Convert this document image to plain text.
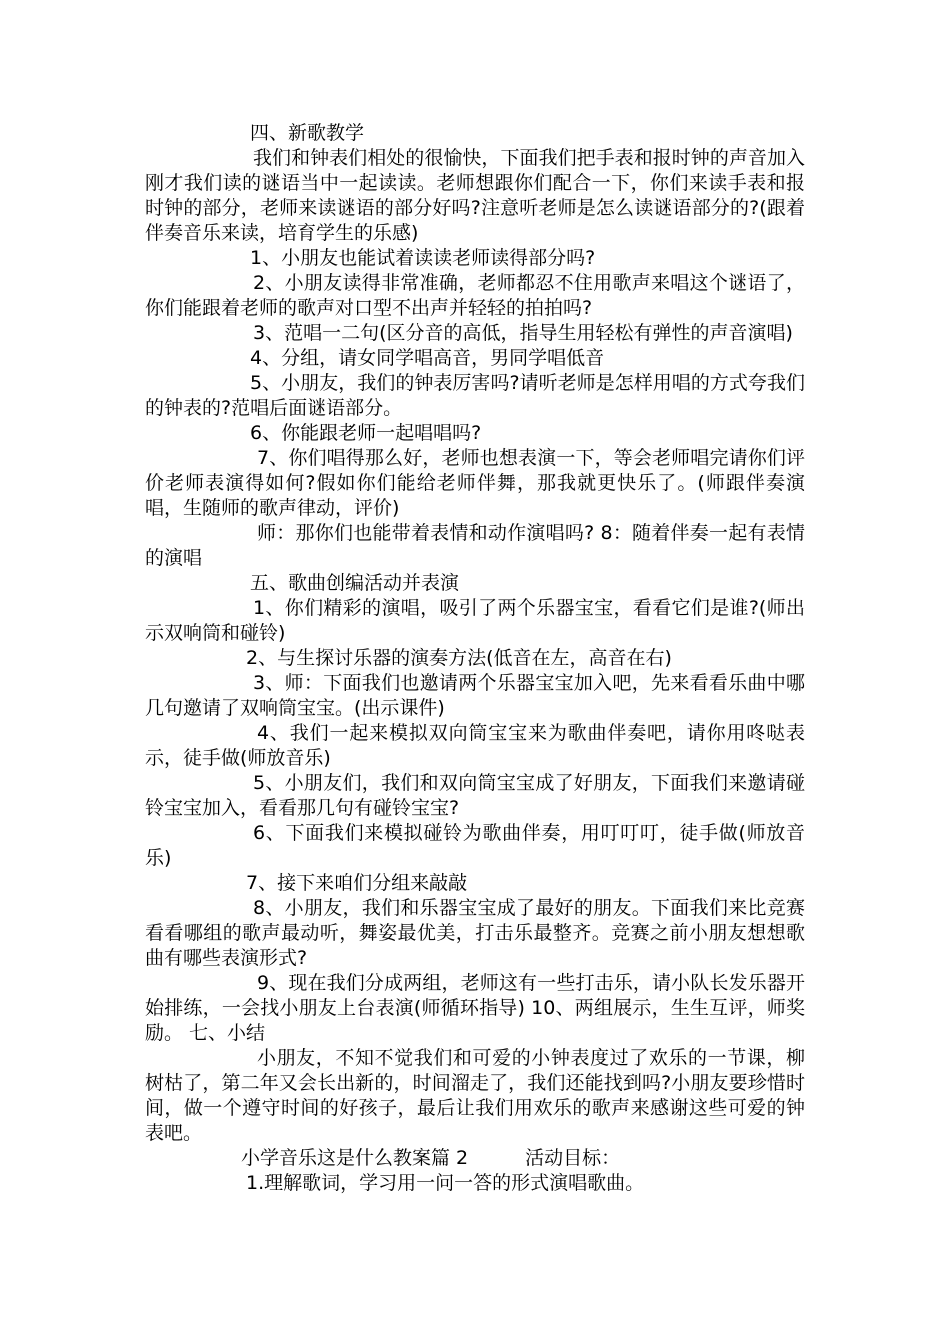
四、新歌教学

我们和钟表们相处的很愉快，下面我们把手表和报时钟的声音加入刚才我们读的谜语当中一起读读。老师想跟你们配合一下，你们来读手表和报时钟的部分，老师来读谜语的部分好吗?注意听老师是怎么读谜语部分的?(跟着伴奏音乐来读，培育学生的乐感)

1、小朋友也能试着读读老师读得部分吗?

2、小朋友读得非常准确，老师都忍不住用歌声来唱这个谜语了，你们能跟着老师的歌声对口型不出声并轻轻的拍拍吗?

3、范唱一二句(区分音的高低，指导生用轻松有弹性的声音演唱)

4、分组，请女同学唱高音，男同学唱低音

5、小朋友，我们的钟表厉害吗?请听老师是怎样用唱的方式夸我们的钟表的?范唱后面谜语部分。

6、你能跟老师一起唱唱吗?

7、你们唱得那么好，老师也想表演一下，等会老师唱完请你们评价老师表演得如何?假如你们能给老师伴舞，那我就更快乐了。(师跟伴奏演唱，生随师的歌声律动，评价)

师：那你们也能带着表情和动作演唱吗? 8：随着伴奏一起有表情的演唱

五、歌曲创编活动并表演

1、你们精彩的演唱，吸引了两个乐器宝宝，看看它们是谁?(师出示双响筒和碰铃)

2、与生探讨乐器的演奏方法(低音在左，高音在右)

3、师：下面我们也邀请两个乐器宝宝加入吧，先来看看乐曲中哪几句邀请了双响筒宝宝。(出示课件)

4、我们一起来模拟双向筒宝宝来为歌曲伴奏吧，请你用咚哒表示，徒手做(师放音乐)

5、小朋友们，我们和双向筒宝宝成了好朋友，下面我们来邀请碰铃宝宝加入，看看那几句有碰铃宝宝?

6、下面我们来模拟碰铃为歌曲伴奏，用叮叮叮，徒手做(师放音乐)

7、接下来咱们分组来敲敲

8、小朋友，我们和乐器宝宝成了最好的朋友。下面我们来比竞赛看看哪组的歌声最动听，舞姿最优美，打击乐最整齐。竞赛之前小朋友想想歌曲有哪些表演形式?

9、现在我们分成两组，老师这有一些打击乐，请小队长发乐器开始排练，一会找小朋友上台表演(师循环指导) 10、两组展示，生生互评，师奖励。 七、小结

小朋友，不知不觉我们和可爱的小钟表度过了欢乐的一节课，柳树枯了，第二年又会长出新的，时间溜走了，我们还能找到吗?小朋友要珍惜时间，做一个遵守时间的好孩子，最后让我们用欢乐的歌声来感谢这些可爱的钟表吧。

小学音乐这是什么教案篇 2　　　活动目标：

1.理解歌词，学习用一问一答的形式演唱歌曲。
